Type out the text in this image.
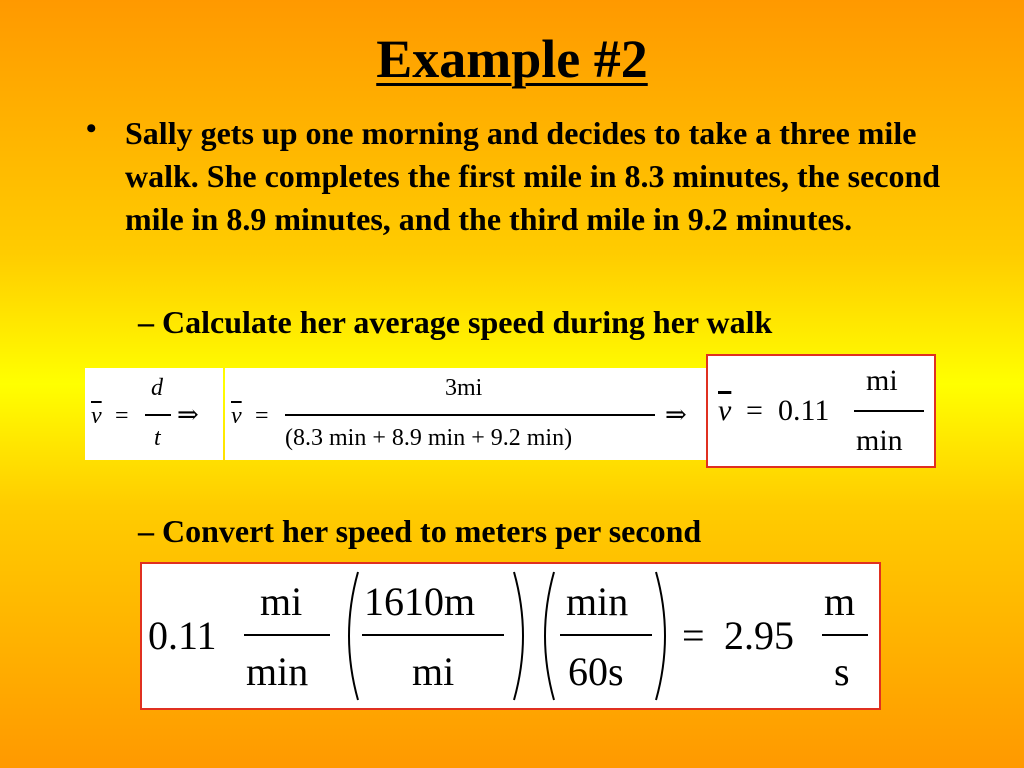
Example #2
• Sally gets up one morning and decides to take a three mile walk. She completes the first mile in 8.3 minutes, the second mile in 8.9 minutes, and the third mile in 9.2 minutes.
– Calculate her average speed during her walk
– Convert her speed to meters per second
$\overline{v}$ =
d
t
⇒ $\overline{v}$ =
3mi
(8.3 min + 8.9 min + 9.2 min)
⇒ $\overline{v} = 0.11$
mi
min
0.11
mi
min
1610m
mi
min
60s
= 2.95
m
s
